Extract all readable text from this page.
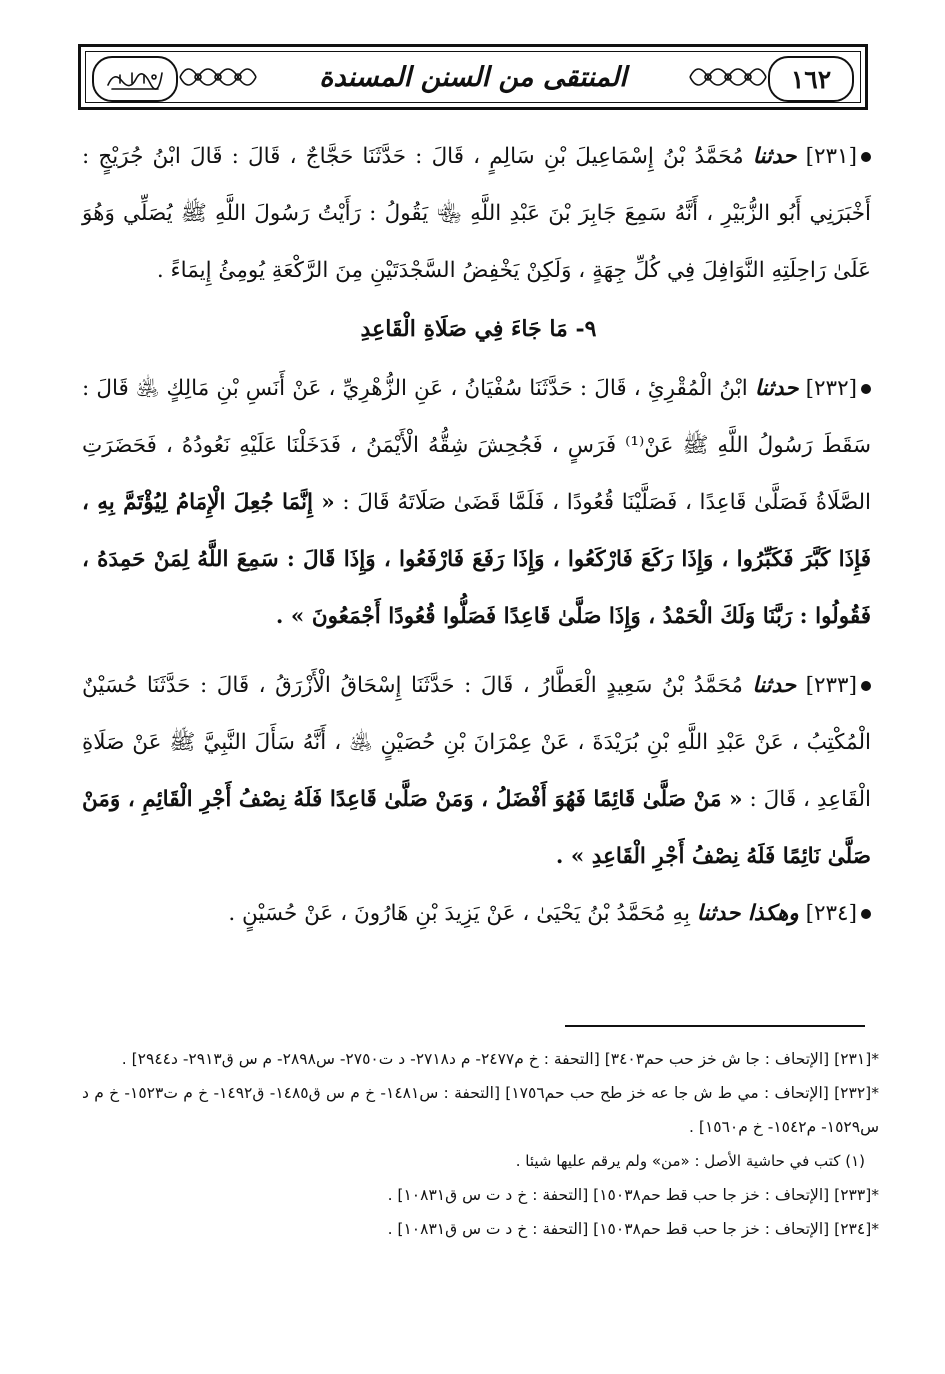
المنتقى من السنن المسندة	١٦٢

[٢٣١] حدثنا مُحَمَّدُ بْنُ إِسْمَاعِيلَ بْنِ سَالِمٍ ، قَالَ : حَدَّثَنَا حَجَّاجٌ ، قَالَ : قَالَ ابْنُ جُرَيْجٍ : أَخْبَرَنِي أَبُو الزُّبَيْرِ ، أَنَّهُ سَمِعَ جَابِرَ بْنَ عَبْدِ اللَّهِ ﵄ يَقُولُ : رَأَيْتُ رَسُولَ اللَّهِ ﷺ يُصَلِّي وَهُوَ عَلَىٰ رَاحِلَتِهِ النَّوَافِلَ فِي كُلِّ جِهَةٍ ، وَلَكِنْ يَخْفِضُ السَّجْدَتَيْنِ مِنَ الرَّكْعَةِ يُومِئُ إِيمَاءً .

٩- مَا جَاءَ فِي صَلَاةِ الْقَاعِدِ

[٢٣٢] حدثنا ابْنُ الْمُقْرِئِ ، قَالَ : حَدَّثَنَا سُفْيَانُ ، عَنِ الزُّهْرِيِّ ، عَنْ أَنَسِ بْنِ مَالِكٍ ﵁ قَالَ : سَقَطَ رَسُولُ اللَّهِ ﷺ عَنْ⁽¹⁾ فَرَسٍ ، فَجُحِشَ شِقُّهُ الْأَيْمَنُ ، فَدَخَلْنَا عَلَيْهِ نَعُودُهُ ، فَحَضَرَتِ الصَّلَاةُ فَصَلَّىٰ قَاعِدًا ، فَصَلَّيْنَا قُعُودًا ، فَلَمَّا قَضَىٰ صَلَاتَهُ قَالَ : « إِنَّمَا جُعِلَ الْإِمَامُ لِيُؤْتَمَّ بِهِ ، فَإِذَا كَبَّرَ فَكَبِّرُوا ، وَإِذَا رَكَعَ فَارْكَعُوا ، وَإِذَا رَفَعَ فَارْفَعُوا ، وَإِذَا قَالَ : سَمِعَ اللَّهُ لِمَنْ حَمِدَهُ ، فَقُولُوا : رَبَّنَا وَلَكَ الْحَمْدُ ، وَإِذَا صَلَّىٰ قَاعِدًا فَصَلُّوا قُعُودًا أَجْمَعُونَ » .

[٢٣٣] حدثنا مُحَمَّدُ بْنُ سَعِيدٍ الْعَطَّارُ ، قَالَ : حَدَّثَنَا إِسْحَاقُ الْأَزْرَقُ ، قَالَ : حَدَّثَنَا حُسَيْنٌ الْمُكْتِبُ ، عَنْ عَبْدِ اللَّهِ بْنِ بُرَيْدَةَ ، عَنْ عِمْرَانَ بْنِ حُصَيْنٍ ﵁ ، أَنَّهُ سَأَلَ النَّبِيَّ ﷺ عَنْ صَلَاةِ الْقَاعِدِ ، قَالَ : « مَنْ صَلَّىٰ قَائِمًا فَهُوَ أَفْضَلُ ، وَمَنْ صَلَّىٰ قَاعِدًا فَلَهُ نِصْفُ أَجْرِ الْقَائِمِ ، وَمَنْ صَلَّىٰ نَائِمًا فَلَهُ نِصْفُ أَجْرِ الْقَاعِدِ » .

[٢٣٤] وهكذا حدثنا بِهِ مُحَمَّدُ بْنُ يَحْيَىٰ ، عَنْ يَزِيدَ بْنِ هَارُونَ ، عَنْ حُسَيْنٍ .

*[٢٣١] [الإتحاف : جا ش خز حب حم٣٤٠٣] [التحفة : خ م٢٤٧٧- م د٢٧١٨- د ت٢٧٥٠- س٢٨٩٨- م س ق٢٩١٣- د٢٩٤٤] .

*[٢٣٢] [الإتحاف : مي ط ش جا عه خز طح حب حم١٧٥٦] [التحفة : س١٤٨١- خ م س ق١٤٨٥- ق١٤٩٢- خ م ت١٥٢٣- خ م د س١٥٢٩- م١٥٤٢- خ م١٥٦٠] .

(١) كتب في حاشية الأصل : «من» ولم يرقم عليها شيئا .

*[٢٣٣] [الإتحاف : خز جا حب قط حم١٥٠٣٨] [التحفة : خ د ت س ق١٠٨٣١] .

*[٢٣٤] [الإتحاف : خز جا حب قط حم١٥٠٣٨] [التحفة : خ د ت س ق١٠٨٣١] .
